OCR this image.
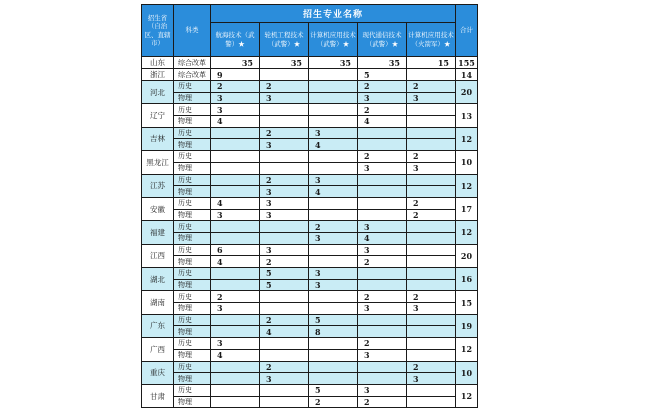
招生省（自治区、直辖市）	科类	招生专业名称					合计
		航海技术（武警）★	轮机工程技术（武警）★	计算机应用技术（武警）★	现代通信技术（武警）★	计算机应用技术（火箭军）★	
山东	综合改革	35	35	35	35	15	155
浙江	综合改革	9			5		14
河北	历史	2	2		2	2	20
	物理	3	3		3	3	
辽宁	历史	3			2		13
	物理	4			4		
吉林	历史		2	3			12
	物理		3	4			
黑龙江	历史				2	2	10
	物理				3	3	
江苏	历史		2	3			12
	物理		3	4			
安徽	历史	4	3			2	17
	物理	3	3			2	
福建	历史			2	3		12
	物理			3	4		
江西	历史	6	3		3		20
	物理	4	2		2		
湖北	历史		5	3			16
	物理		5	3			
湖南	历史	2			2	2	15
	物理	3			3	3	
广东	历史		2	5			19
	物理		4	8			
广西	历史	3			2		12
	物理	4			3		
重庆	历史		2			2	10
	物理		3			3	
甘肃	历史			5	3		12
	物理			2	2		
